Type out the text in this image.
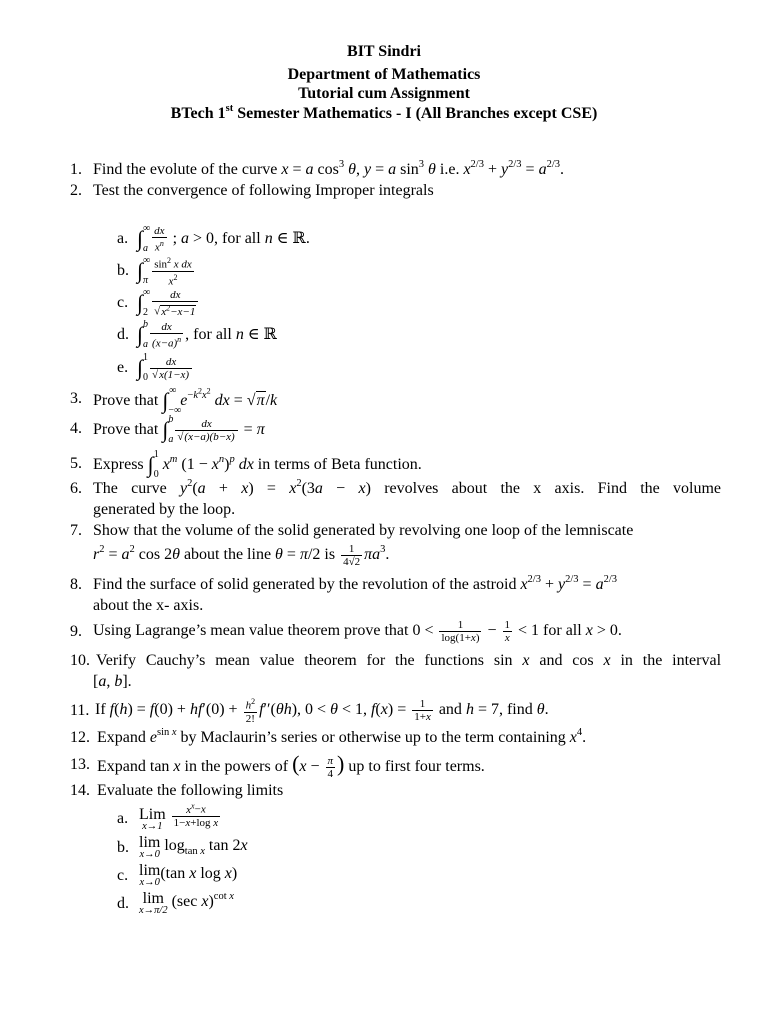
BIT Sindri
Department of Mathematics
Tutorial cum Assignment
BTech 1st Semester Mathematics - I (All Branches except CSE)
1. Find the evolute of the curve x = a $\cos^3 \theta$, y = a $\sin^3 \theta$ i.e. $x^{2/3} + y^{2/3} = a^{2/3}$.
2. Test the convergence of following Improper integrals
a. $\int_a^\infty \frac{dx}{x^n}$ ; a > 0, for all n ∈ ℝ.
b. $\int_\pi^\infty \frac{\sin^2 x dx}{x^2}$
c. $\int_2^\infty \frac{dx}{√x^2-x-1}$
d. $\int_a^b \frac{dx}{(x-a)^n}$ , for all n ∈ ℝ
e. $\int_0^1 \frac{dx}{√x(1-x)}$
3. Prove that $\int_{-\infty}^\infty$ $e^{-k^2x^2}$ dx = √π/k
4. Prove that $\int_a^b \frac{dx}{√(x-a)(b-x)} = \pi$
5. Express $\int_0^1$ $x^m$ $(1 - x^n)^p$ dx in terms of Beta function.
6. The curve $y^2(a + x) = x^2(3a - x)$ revolves about the x axis. Find the volume
generated by the loop.
7. Show that the volume of the solid generated by revolving one loop of the lemniscate
$r^2 = a^2$ cos 2θ about the line θ = π/2 is $\frac{1}{4√2} \pi a^3$.
8. Find the surface of solid generated by the revolution of the astroid $x^{2/3} + y^{2/3} = a^{2/3}$
about the x- axis.
9. Using Lagrange’s mean value theorem prove that $0 < \frac{1}{\log(1+x)} - \frac{1}{x} < 1$ for all x > 0.
10. Verify Cauchy’s mean value theorem for the functions sin x and cos x in the interval
[a, b].
11. If $f(h) = f(0) + hf'(0) + \frac{h^2}{2!} f''(\theta h)$, 0 < θ < 1, $f(x) = \frac{1}{1+x}$ and h = 7, find θ.
12. Expand $e^{sin x}$ by Maclaurin’s series or otherwise up to the term containing $x^4$.
13. Expand tan x in the powers of ($x - \frac{\pi}{4}$ ) up to first four terms.
14. Evaluate the following limits
a. Lim
x→1
$\frac{x^x-x}{\text{1−x+log x}}$
b. lim
x→0
$\log_{tan x} \tan 2x$
c. lim
x→0
(tan x log x)
d. lim
x→π/2
(sec x)$^{cot x}$
